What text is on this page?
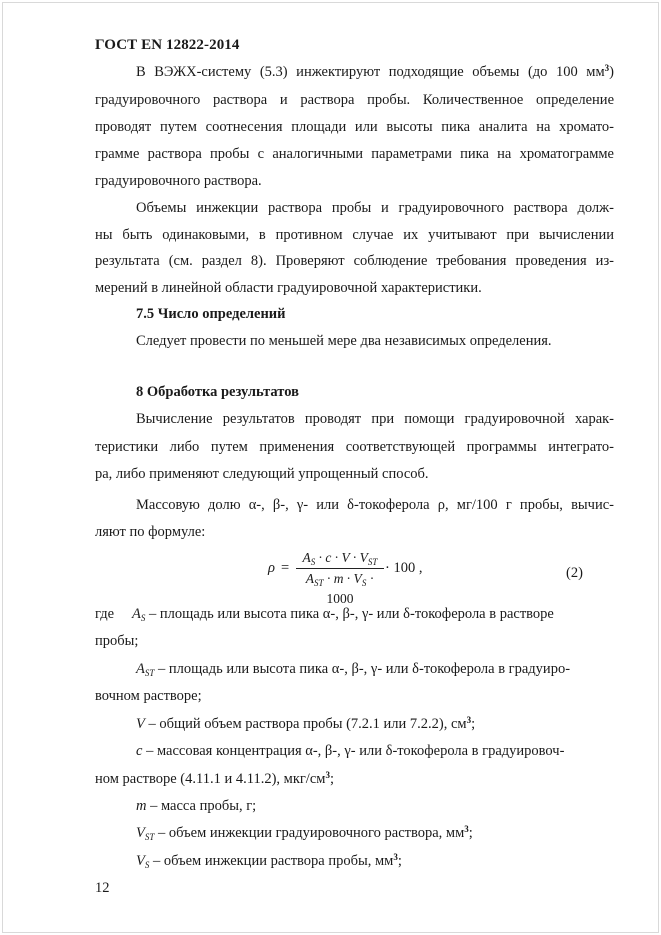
ГОСТ EN 12822-2014
В ВЭЖХ-систему (5.3) инжектируют подходящие объемы (до 100 $мм^3$)
градуировочного раствора и раствора пробы. Количественное определение
проводят путем соотнесения площади или высоты пика аналита на хромато-
грамме раствора пробы с аналогичными параметрами пика на хроматограмме
градуировочного раствора.
Объемы инжекции раствора пробы и градуировочного раствора долж-
ны быть одинаковыми, в противном случае их учитывают при вычислении
результата (см. раздел 8). Проверяют соблюдение требования проведения из-
мерений в линейной области градуировочной характеристики.
7.5 Число определений
Следует провести по меньшей мере два независимых определения.
8 Обработка результатов
Вычисление результатов проводят при помощи градуировочной харак-
теристики либо путем применения соответствующей программы интеграто-
ра, либо применяют следующий упрощенный способ.
Массовую долю α-, β-, γ- или δ-токоферола ρ, мг/100 г пробы, вычис-
ляют по формуле:
ρ =
$A_S \cdot c \cdot V \cdot V_{ST}$
$A_{ST} \cdot m \cdot V_S \cdot 1000$
· 100 ,	(2)
где $A_S$ – площадь или высота пика α-, β-, γ- или δ-токоферола в растворе
пробы;
$A_{ST}$ – площадь или высота пика α-, β-, γ- или δ-токоферола в градуиро-
вочном растворе;
V – общий объем раствора пробы (7.2.1 или 7.2.2), $см^3$;
c – массовая концентрация α-, β-, γ- или δ-токоферола в градуировоч-
ном растворе (4.11.1 и 4.11.2), мкг/$см^3$;
m – масса пробы, г;
$V_{ST}$ – объем инжекции градуировочного раствора, $мм^3$;
$V_S$ – объем инжекции раствора пробы, $мм^3$;
12
